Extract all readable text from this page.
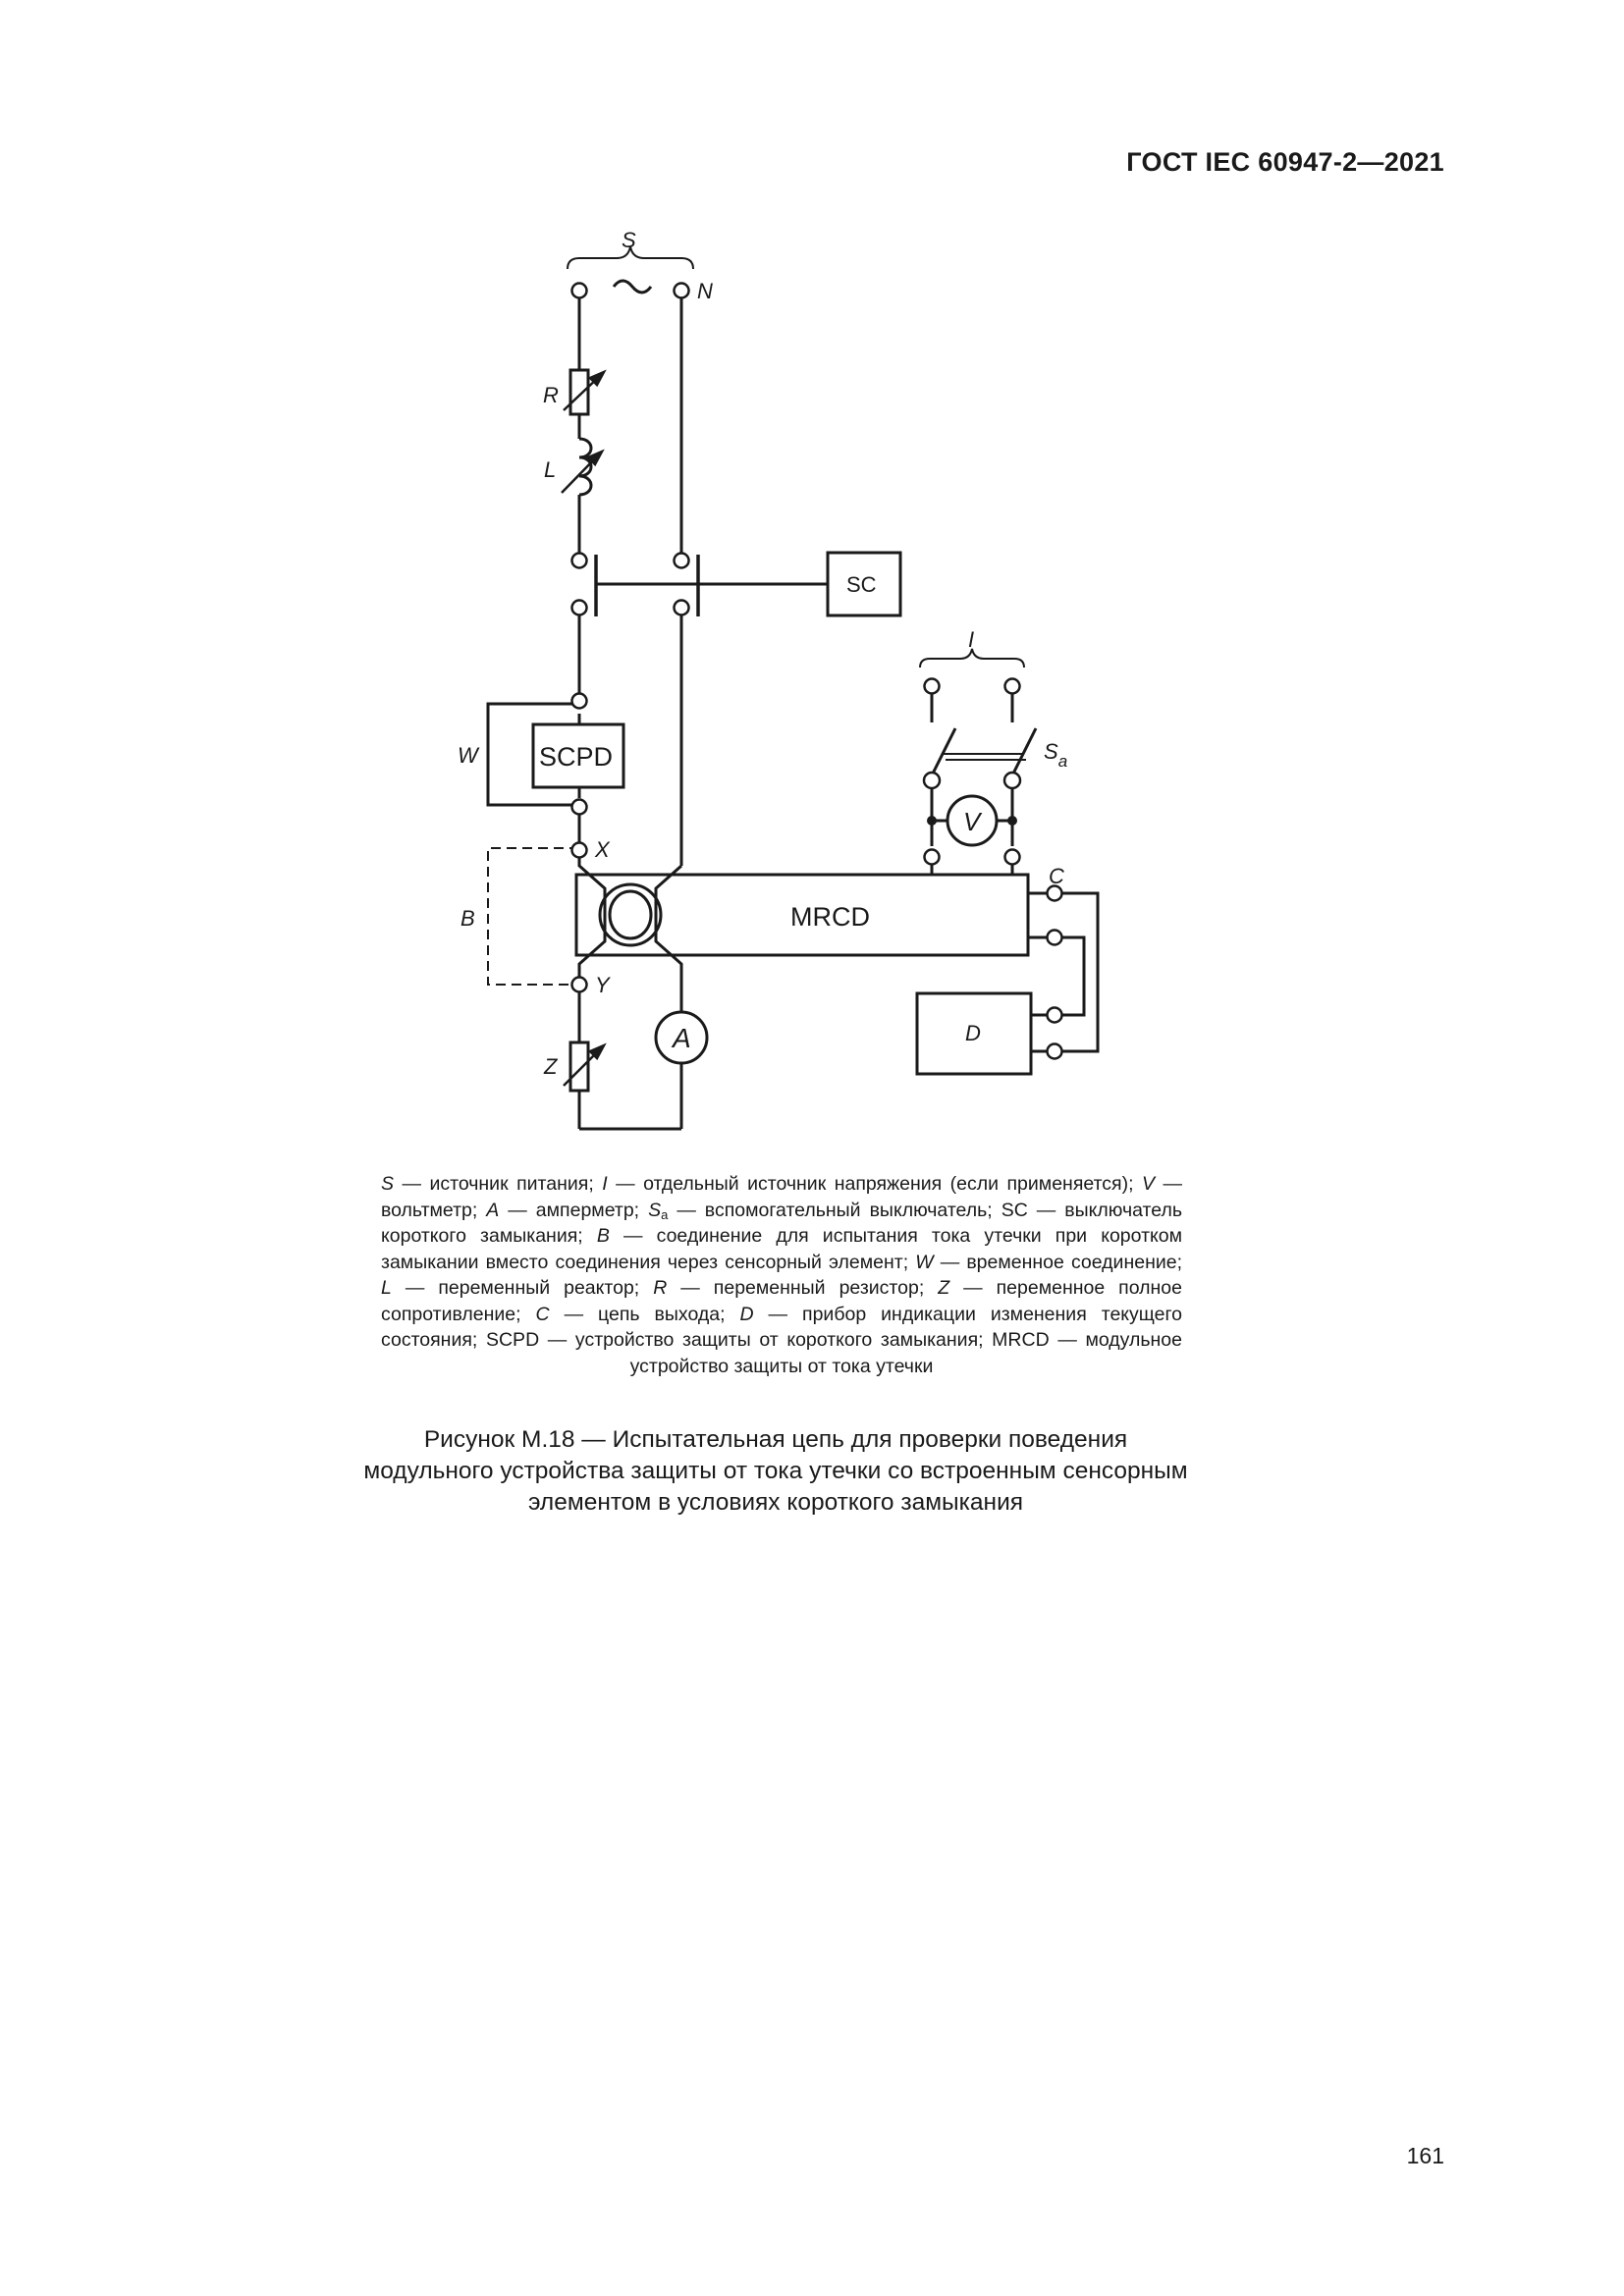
ГОСТ IEC 60947-2—2021
S
N
R
L
SC
I
$S_a$
W SCPD
V
X
C
B	MRCD
Y
A	D
Z
S — источник питания; I — отдельный источник напряжения (если применяется); V — вольтметр; A — амперметр; $S_a$ — вспомогательный выключатель; SC — выключатель короткого замыкания; B — соединение для испытания тока утечки при коротком замыкании вместо соединения через сенсорный элемент; W — временное соединение; L — переменный реактор; R — переменный резистор; Z — переменное полное сопротивление; C — цепь выхода; D — прибор индикации изменения текущего состояния; SCPD — устройство защиты от короткого замыкания; MRCD — модульное устройство защиты от тока утечки
Рисунок М.18 — Испытательная цепь для проверки поведения
модульного устройства защиты от тока утечки со встроенным сенсорным
элементом в условиях короткого замыкания
161
